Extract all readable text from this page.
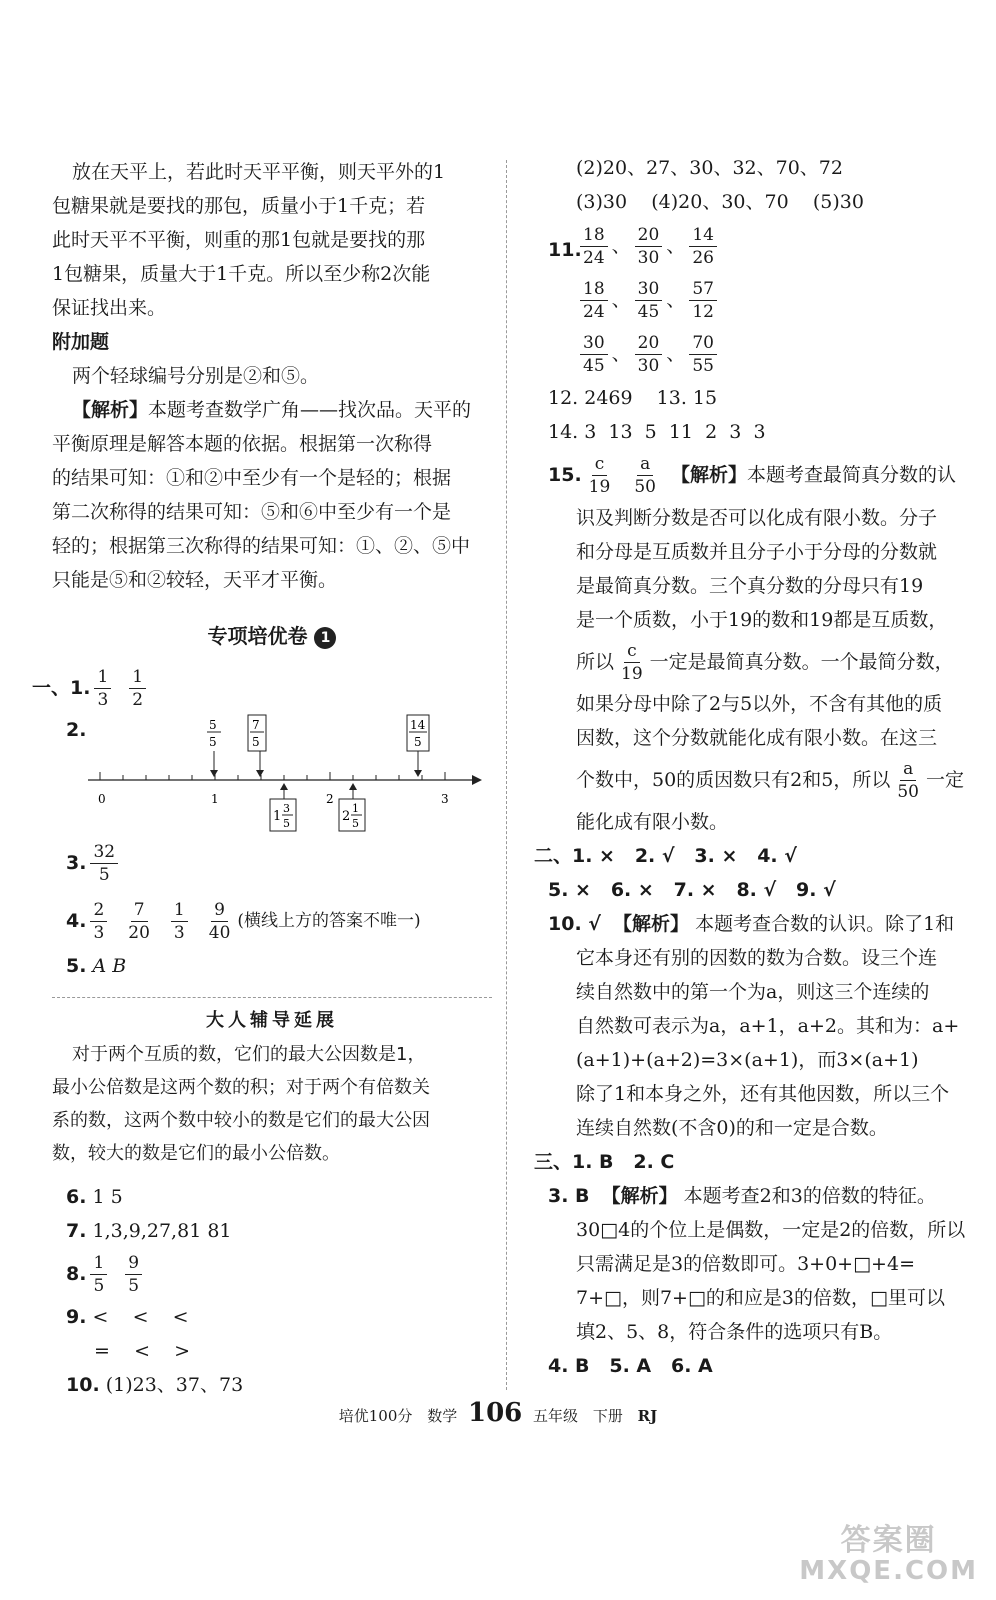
放在天平上，若此时天平平衡，则天平外的1
包糖果就是要找的那包，质量小于1千克；若
此时天平不平衡，则重的那1包就是要找的那
1包糖果，质量大于1千克。所以至少称2次能
保证找出来。
附加题
两个轻球编号分别是②和⑤。
【解析】本题考查数学广角——找次品。天平的
平衡原理是解答本题的依据。根据第一次称得
的结果可知：①和②中至少有一个是轻的；根据
第二次称得的结果可知：⑤和⑥中至少有一个是
轻的；根据第三次称得的结果可知：①、②、⑤中
只能是⑤和②较轻，天平才平衡。
专项培优卷 1
一、1. $\frac{1}{3} \frac{1}{2}$
2.
0	1	2	3
5
5
7
5
14
5
1
3
5	2
1
5
3. $\frac{32}{5}$
4. $\frac{2}{3} \frac{7}{20} \frac{1}{3} \frac{9}{40}$ (横线上方的答案不唯一)
5. A B
大人辅导延展
对于两个互质的数，它们的最大公因数是1，
最小公倍数是这两个数的积；对于两个有倍数关
系的数，这两个数中较小的数是它们的最大公因
数，较大的数是它们的最小公倍数。
6. 1 5
7. 1,3,9,27,81 81
8. $\frac{1}{5} \frac{9}{5}$
9. <    <    <
=    <    >
10. (1)23、37、73
(2)20、27、30、32、70、72
(3)30    (4)20、30、70    (5)30
11.
$\frac{18}{24}$ 、 $\frac{20}{30}$ 、 $\frac{14}{26}$
$\frac{18}{24}$ 、 $\frac{30}{45}$ 、 $\frac{57}{12}$
$\frac{30}{45}$ 、 $\frac{20}{30}$ 、 $\frac{70}{55}$
12. 2469 13. 15
14. 3  13  5  11  2  3  3
15. $\frac{c}{19} \frac{a}{50}$ 【解析】 本题考查最简真分数的认
识及判断分数是否可以化成有限小数。分子
和分母是互质数并且分子小于分母的分数就
是最简真分数。三个真分数的分母只有19
是一个质数，小于19的数和19都是互质数，
所以 $\frac{c}{19}$ 一定是最简真分数。一个最简分数，
如果分母中除了2与5以外，不含有其他的质
因数，这个分数就能化成有限小数。在这三
个数中，50的质因数只有2和5，所以 $\frac{a}{50}$ 一定
能化成有限小数。
二、1. ×   2. √   3. ×   4. √
5. ×   6. ×   7. ×   8. √   9. √
10. √ 【解析】 本题考查合数的认识。除了1和
它本身还有别的因数的数为合数。设三个连
续自然数中的第一个为a，则这三个连续的
自然数可表示为a，a+1，a+2。其和为：a+
(a+1)+(a+2)=3×(a+1)，而3×(a+1)
除了1和本身之外，还有其他因数，所以三个
连续自然数(不含0)的和一定是合数。
三、1. B   2. C
3. B 【解析】 本题考查2和3的倍数的特征。
30□4的个位上是偶数，一定是2的倍数，所以
只需满足是3的倍数即可。3+0+□+4=
7+□，则7+□的和应是3的倍数，□里可以
填2、5、8，符合条件的选项只有B。
4. B   5. A   6. A
培优100分 数学 106 五年级 下册 RJ
答案圈
MXQE.COM
